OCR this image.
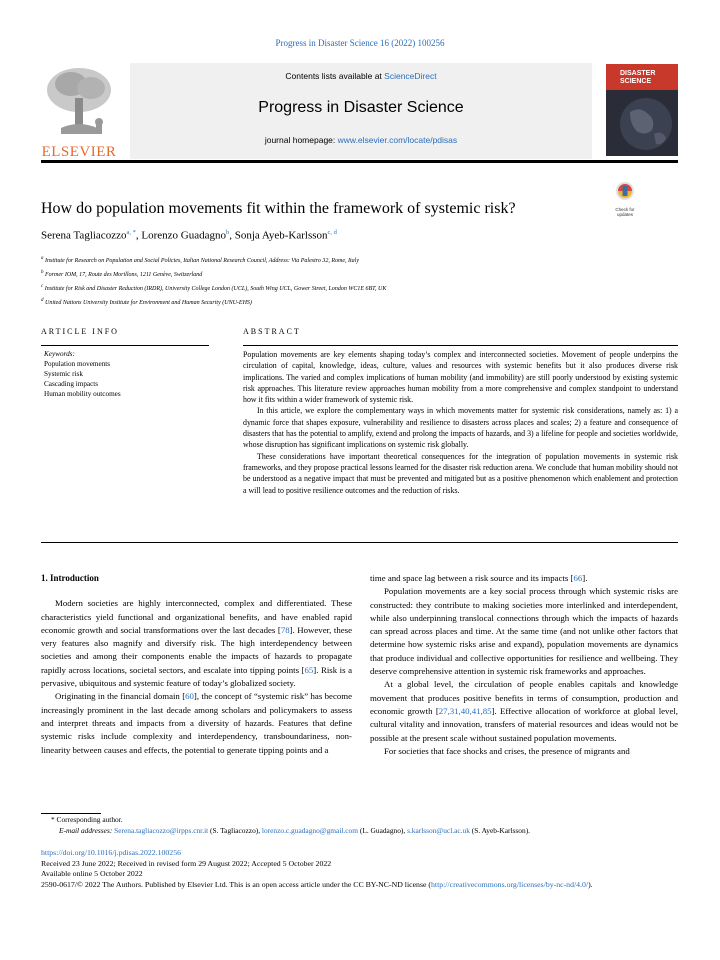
Progress in Disaster Science 16 (2022) 100256
ELSEVIER
Contents lists available at ScienceDirect
Progress in Disaster Science
journal homepage: www.elsevier.com/locate/pdisas
DISASTER
SCIENCE
How do population movements fit within the framework of systemic risk?	Check for
updates
Serena Tagliacozzo$^{a, *}$, Lorenzo Guadagno$^b$, Sonja Ayeb-Karlsson$^{c, d}$
$^a$ Institute for Research on Population and Social Policies, Italian National Research Council, Address: Via Palestro 32, Rome, Italy
$^b$ Former IOM, 17, Route des Morillons, 1211 Genève, Switzerland
$^c$ Institute for Risk and Disaster Reduction (IRDR), University College London (UCL), South Wing UCL, Gower Street, London WC1E 6BT, UK
$^d$ United Nations University Institute for Environment and Human Security (UNU-EHS)
ARTICLE INFO
Keywords:
Population movements
Systemic risk
Cascading impacts
Human mobility outcomes
ABSTRACT

Population movements are key elements shaping today’s complex and interconnected societies. Movement of people underpins the circulation of capital, knowledge, ideas, culture, values and resources with systemic benefits but it also produces diverse risk implications. The varied and complex implications of human mobility (and immobility) are still poorly understood by existing systemic risk approaches. This literature review approaches human mobility from a more comprehensive and complex standpoint to understand how it fits within a wider framework of systemic risk.

In this article, we explore the complementary ways in which movements matter for systemic risk considerations, namely as: 1) a dynamic force that shapes exposure, vulnerability and resilience to disasters across places and scales; 2) a feature and consequence of disasters that has the potential to amplify, extend and prolong the impacts of hazards, and 3) a lifeline for people and societies worldwide, whose disruption has significant implications on systemic risk globally.

These considerations have important theoretical consequences for the integration of population movements in systemic risk frameworks, and they propose practical lessons learned for the disaster risk reduction arena. We conclude that human mobility should not be understood as a negative impact that must be prevented and mitigated but as a positive phenomenon which enablement and protection a will lead to positive resilience outcomes and the reduction of risks.

1. Introduction

Modern societies are highly interconnected, complex and differentiated. These characteristics yield functional and organizational benefits, and have enabled rapid economic growth and social transformations over the last decades [78]. However, these very features also magnify and diversify risk. The high interdependency between societies and among their components enable the impacts of hazards to propagate rapidly across locations, societal sectors, and escalate into tipping points [65]. Risk is a pervasive, ubiquitous and systemic feature of today’s globalized society.

Originating in the financial domain [60], the concept of “systemic risk” has become increasingly prominent in the last decade among scholars and policymakers to assess and interpret threats and impacts from a diversity of hazards. Features that define systemic risks include complexity and interdependency, transboundariness, non-linearity between causes and effects, the potential to generate tipping points and a

time and space lag between a risk source and its impacts [66].

Population movements are a key social process through which systemic risks are constructed: they contribute to making societies more interlinked and interdependent, while also underpinning translocal connections through which the impacts of hazards can spread across places and time. At the same time (and not unlike other factors that determine how systemic risks arise and expand), population movements are dynamics that produce individual and collective opportunities for resilience and wellbeing. They deserve comprehensive attention in systemic risk frameworks and approaches.

At a global level, the circulation of people enables capitals and knowledge movement that produces positive benefits in terms of consumption, production and economic growth [27,31,40,41,85]. Effective allocation of workforce at global level, cultural vitality and innovation, transfers of material resources and ideas would not be possible at the present scale without sustained population movements.

For societies that face shocks and crises, the presence of migrants and

* Corresponding author.
E-mail addresses: Serena.tagliacozzo@irpps.cnr.it (S. Tagliacozzo), lorenzo.c.guadagno@gmail.com (L. Guadagno), s.karlsson@ucl.ac.uk (S. Ayeb-Karlsson).
https://doi.org/10.1016/j.pdisas.2022.100256
Received 23 June 2022; Received in revised form 29 August 2022; Accepted 5 October 2022
Available online 5 October 2022
2590-0617/© 2022 The Authors. Published by Elsevier Ltd. This is an open access article under the CC BY-NC-ND license (http://creativecommons.org/licenses/by-nc-nd/4.0/).
